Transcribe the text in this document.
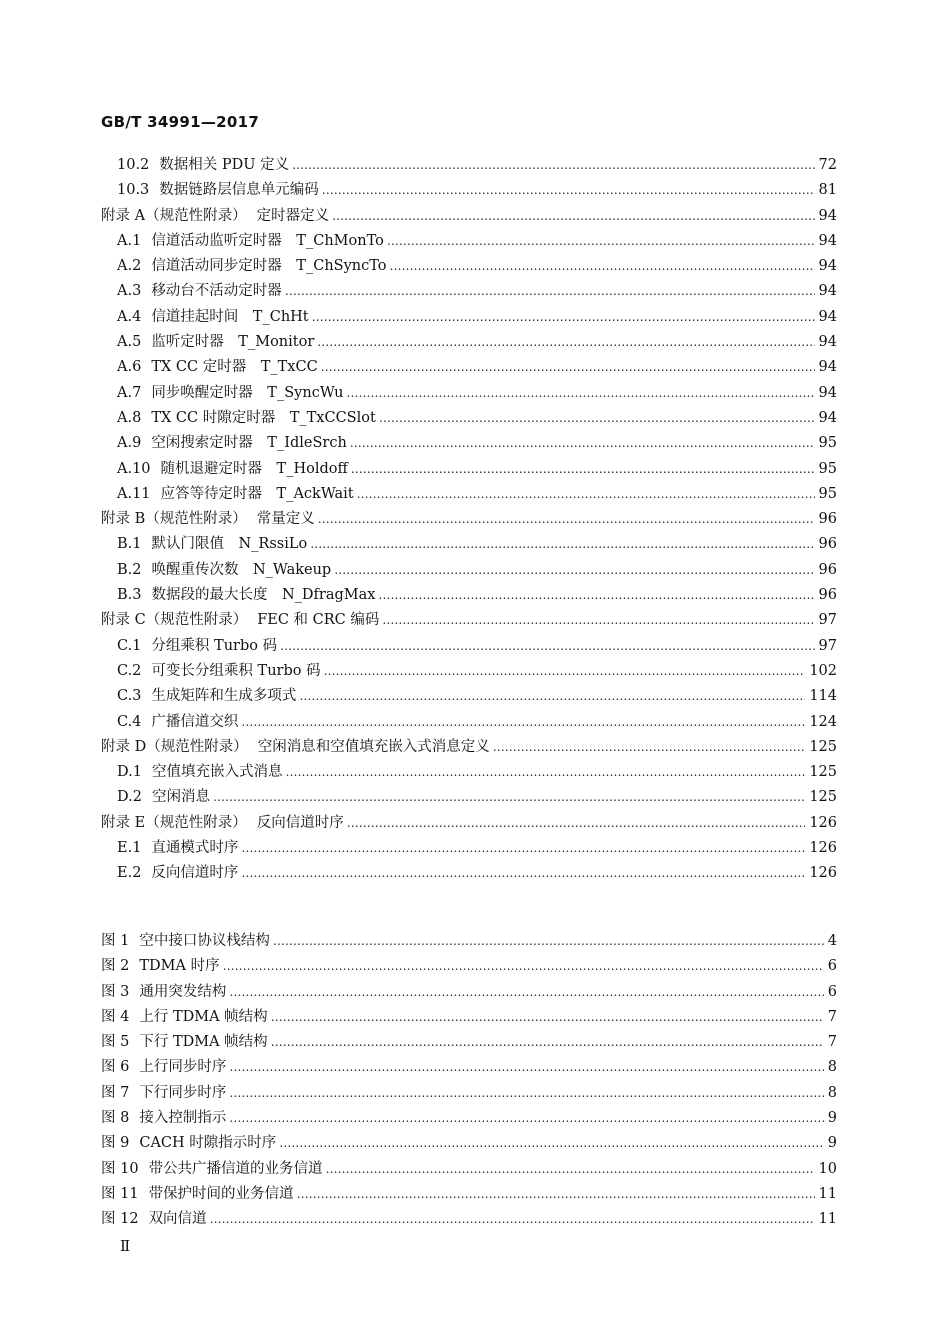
GB/T 34991—2017
10.2 数据相关 PDU 定义 …………………………………………………………………………………………………………………………………………………………………………………………………………………………………………	72
10.3 数据链路层信息单元编码 …………………………………………………………………………………………………………………………………………………………………………………………………………………………………………	81
附录 A（规范性附录） 定时器定义 …………………………………………………………………………………………………………………………………………………………………………………………………………………………………………	94
A.1 信道活动监听定时器　T_ChMonTo …………………………………………………………………………………………………………………………………………………………………………………………………………………………………………	94
A.2 信道活动同步定时器　T_ChSyncTo …………………………………………………………………………………………………………………………………………………………………………………………………………………………………………	94
A.3 移动台不活动定时器 …………………………………………………………………………………………………………………………………………………………………………………………………………………………………………	94
A.4 信道挂起时间　T_ChHt …………………………………………………………………………………………………………………………………………………………………………………………………………………………………………	94
A.5 监听定时器　T_Monitor …………………………………………………………………………………………………………………………………………………………………………………………………………………………………………	94
A.6 TX CC 定时器　T_TxCC …………………………………………………………………………………………………………………………………………………………………………………………………………………………………………	94
A.7 同步唤醒定时器　T_SyncWu …………………………………………………………………………………………………………………………………………………………………………………………………………………………………………	94
A.8 TX CC 时隙定时器　T_TxCCSlot …………………………………………………………………………………………………………………………………………………………………………………………………………………………………………	94
A.9 空闲搜索定时器　T_IdleSrch …………………………………………………………………………………………………………………………………………………………………………………………………………………………………………	95
A.10 随机退避定时器　T_Holdoff …………………………………………………………………………………………………………………………………………………………………………………………………………………………………………	95
A.11 应答等待定时器　T_AckWait …………………………………………………………………………………………………………………………………………………………………………………………………………………………………………	95
附录 B（规范性附录） 常量定义 …………………………………………………………………………………………………………………………………………………………………………………………………………………………………………	96
B.1 默认门限值　N_RssiLo …………………………………………………………………………………………………………………………………………………………………………………………………………………………………………	96
B.2 唤醒重传次数　N_Wakeup …………………………………………………………………………………………………………………………………………………………………………………………………………………………………………	96
B.3 数据段的最大长度　N_DfragMax …………………………………………………………………………………………………………………………………………………………………………………………………………………………………………	96
附录 C（规范性附录） FEC 和 CRC 编码 …………………………………………………………………………………………………………………………………………………………………………………………………………………………………………	97
C.1 分组乘积 Turbo 码 …………………………………………………………………………………………………………………………………………………………………………………………………………………………………………	97
C.2 可变长分组乘积 Turbo 码 …………………………………………………………………………………………………………………………………………………………………………………………………………………………………………	102
C.3 生成矩阵和生成多项式 …………………………………………………………………………………………………………………………………………………………………………………………………………………………………………	114
C.4 广播信道交织 …………………………………………………………………………………………………………………………………………………………………………………………………………………………………………	124
附录 D（规范性附录） 空闲消息和空值填充嵌入式消息定义 …………………………………………………………………………………………………………………………………………………………………………………………………………………………………………	125
D.1 空值填充嵌入式消息 …………………………………………………………………………………………………………………………………………………………………………………………………………………………………………	125
D.2 空闲消息 …………………………………………………………………………………………………………………………………………………………………………………………………………………………………………	125
附录 E（规范性附录） 反向信道时序 …………………………………………………………………………………………………………………………………………………………………………………………………………………………………………	126
E.1 直通模式时序 …………………………………………………………………………………………………………………………………………………………………………………………………………………………………………	126
E.2 反向信道时序 …………………………………………………………………………………………………………………………………………………………………………………………………………………………………………	126
图 1 空中接口协议栈结构 …………………………………………………………………………………………………………………………………………………………………………………………………………………………………………	4
图 2 TDMA 时序 …………………………………………………………………………………………………………………………………………………………………………………………………………………………………………	6
图 3 通用突发结构 …………………………………………………………………………………………………………………………………………………………………………………………………………………………………………	6
图 4 上行 TDMA 帧结构 …………………………………………………………………………………………………………………………………………………………………………………………………………………………………………	7
图 5 下行 TDMA 帧结构 …………………………………………………………………………………………………………………………………………………………………………………………………………………………………………	7
图 6 上行同步时序 …………………………………………………………………………………………………………………………………………………………………………………………………………………………………………	8
图 7 下行同步时序 …………………………………………………………………………………………………………………………………………………………………………………………………………………………………………	8
图 8 接入控制指示 …………………………………………………………………………………………………………………………………………………………………………………………………………………………………………	9
图 9 CACH 时隙指示时序 …………………………………………………………………………………………………………………………………………………………………………………………………………………………………………	9
图 10 带公共广播信道的业务信道 …………………………………………………………………………………………………………………………………………………………………………………………………………………………………………	10
图 11 带保护时间的业务信道 …………………………………………………………………………………………………………………………………………………………………………………………………………………………………………	11
图 12 双向信道 …………………………………………………………………………………………………………………………………………………………………………………………………………………………………………	11
Ⅱ
